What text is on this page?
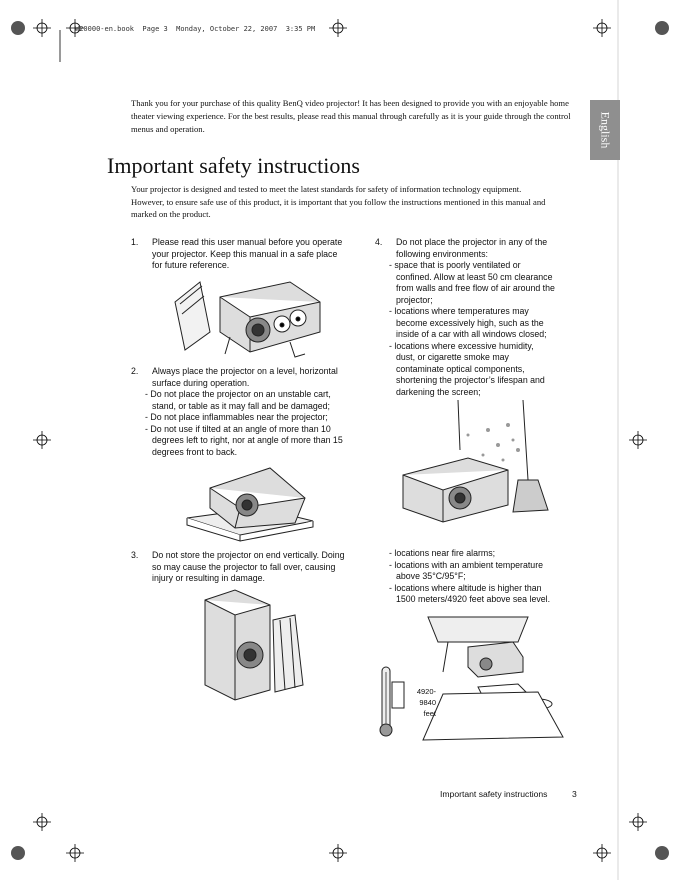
W20000-en.book  Page 3  Monday, October 22, 2007  3:35 PM
English
Thank you for your purchase of this quality BenQ video projector! It has been designed to provide you with an enjoyable home theater viewing experience. For the best results, please read this manual through carefully as it is your guide through the control menus and operation.
Important safety instructions
Your projector is designed and tested to meet the latest standards for safety of information technology equipment. However, to ensure safe use of this product, it is important that you follow the instructions mentioned in this manual and marked on the product.
1. Please read this user manual before you operate
your projector. Keep this manual in a safe place
for future reference.
2. Always place the projector on a level, horizontal
surface during operation.
- Do not place the projector on an unstable cart,
stand, or table as it may fall and be damaged;
- Do not place inflammables near the projector;
- Do not use if tilted at an angle of more than 10
degrees left to right, nor at angle of more than 15
degrees front to back.
3. Do not store the projector on end vertically. Doing
so may cause the projector to fall over, causing
injury or resulting in damage.
4. Do not place the projector in any of the
following environments:
- space that is poorly ventilated or
confined. Allow at least 50 cm clearance
from walls and free flow of air around the
projector;
- locations where temperatures may
become excessively high, such as the
inside of a car with all windows closed;
- locations where excessive humidity,
dust, or cigarette smoke may
contaminate optical components,
shortening the projector’s lifespan and
darkening the screen;
- locations near fire alarms;
- locations with an ambient temperature
above 35°C/95°F;
- locations where altitude is higher than
1500 meters/4920 feet above sea level.
4920-
9840
feet
Important safety instructions	3
